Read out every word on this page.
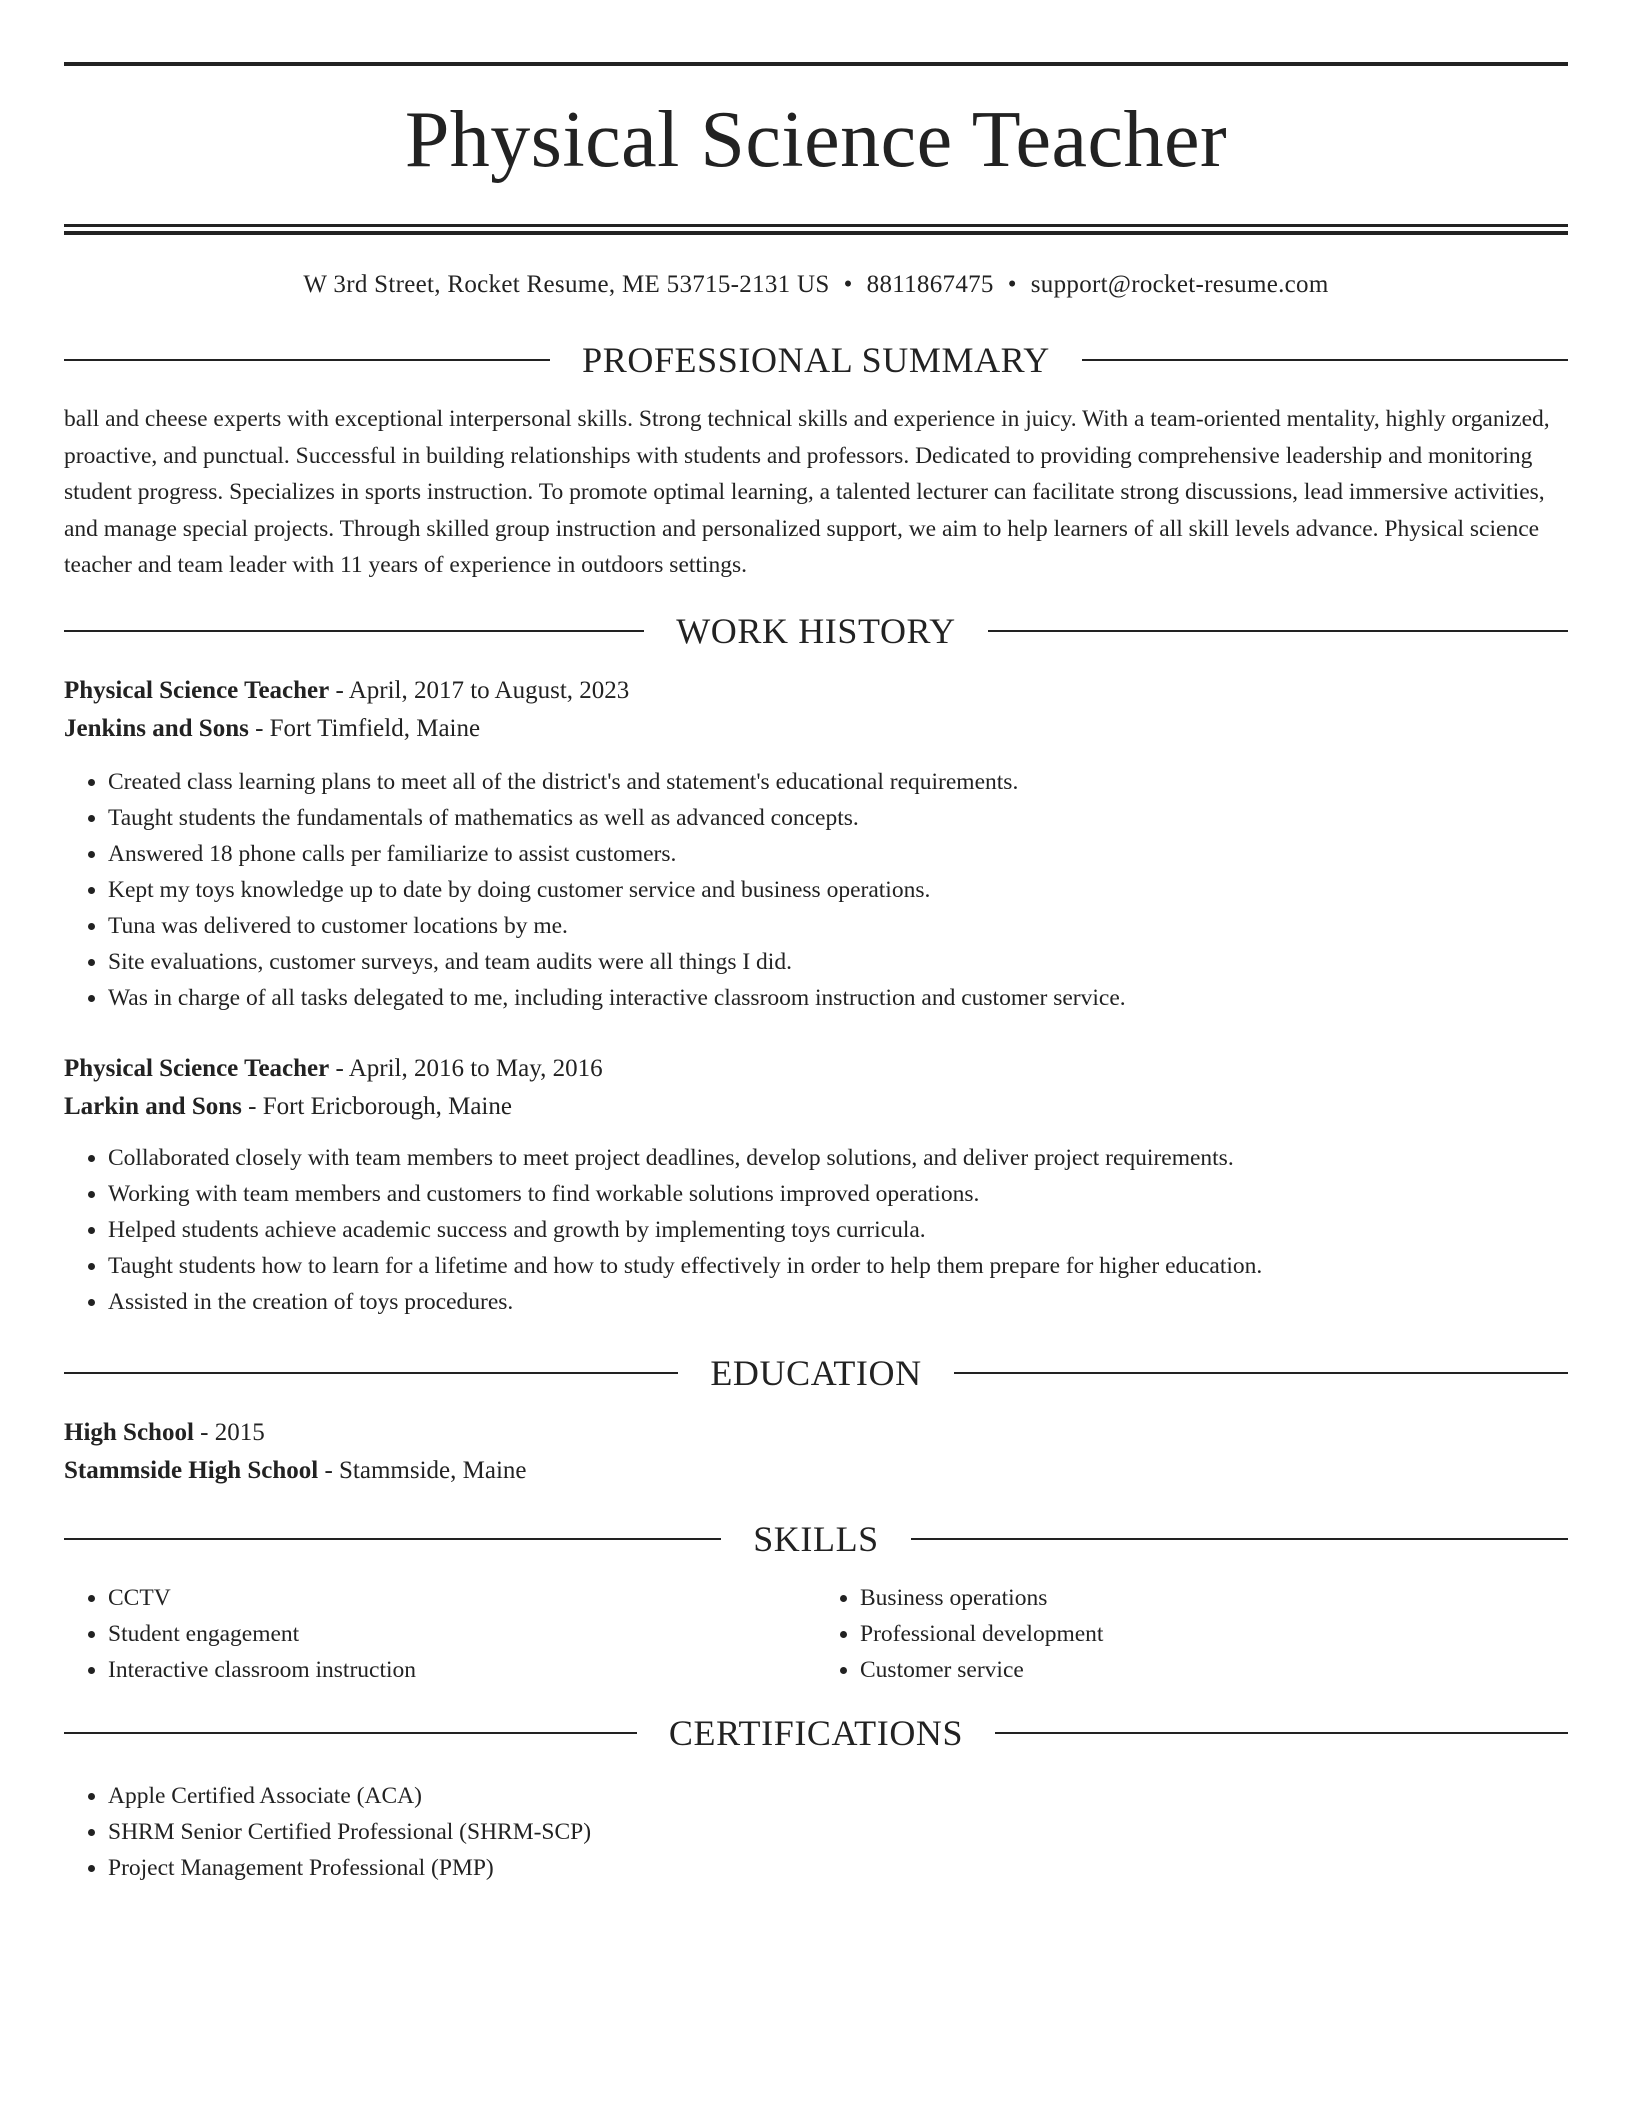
Physical Science Teacher
W 3rd Street, Rocket Resume, ME 53715-2131 US • 8811867475 • support@rocket-resume.com
PROFESSIONAL SUMMARY

ball and cheese experts with exceptional interpersonal skills. Strong technical skills and experience in juicy. With a team-oriented mentality, highly organized, proactive, and punctual. Successful in building relationships with students and professors. Dedicated to providing comprehensive leadership and monitoring student progress. Specializes in sports instruction. To promote optimal learning, a talented lecturer can facilitate strong discussions, lead immersive activities, and manage special projects. Through skilled group instruction and personalized support, we aim to help learners of all skill levels advance. Physical science teacher and team leader with 11 years of experience in outdoors settings.

WORK HISTORY
Physical Science Teacher - April, 2017 to August, 2023
Jenkins and Sons - Fort Timfield, Maine
• Created class learning plans to meet all of the district's and statement's educational requirements.
• Taught students the fundamentals of mathematics as well as advanced concepts.
• Answered 18 phone calls per familiarize to assist customers.
• Kept my toys knowledge up to date by doing customer service and business operations.
• Tuna was delivered to customer locations by me.
• Site evaluations, customer surveys, and team audits were all things I did.
• Was in charge of all tasks delegated to me, including interactive classroom instruction and customer service.
Physical Science Teacher - April, 2016 to May, 2016
Larkin and Sons - Fort Ericborough, Maine
• Collaborated closely with team members to meet project deadlines, develop solutions, and deliver project requirements.
• Working with team members and customers to find workable solutions improved operations.
• Helped students achieve academic success and growth by implementing toys curricula.
• Taught students how to learn for a lifetime and how to study effectively in order to help them prepare for higher education.
• Assisted in the creation of toys procedures.
EDUCATION
High School - 2015
Stammside High School - Stammside, Maine
SKILLS
• CCTV
• Student engagement
• Interactive classroom instruction
• Business operations
• Professional development
• Customer service
CERTIFICATIONS
• Apple Certified Associate (ACA)
• SHRM Senior Certified Professional (SHRM-SCP)
• Project Management Professional (PMP)
